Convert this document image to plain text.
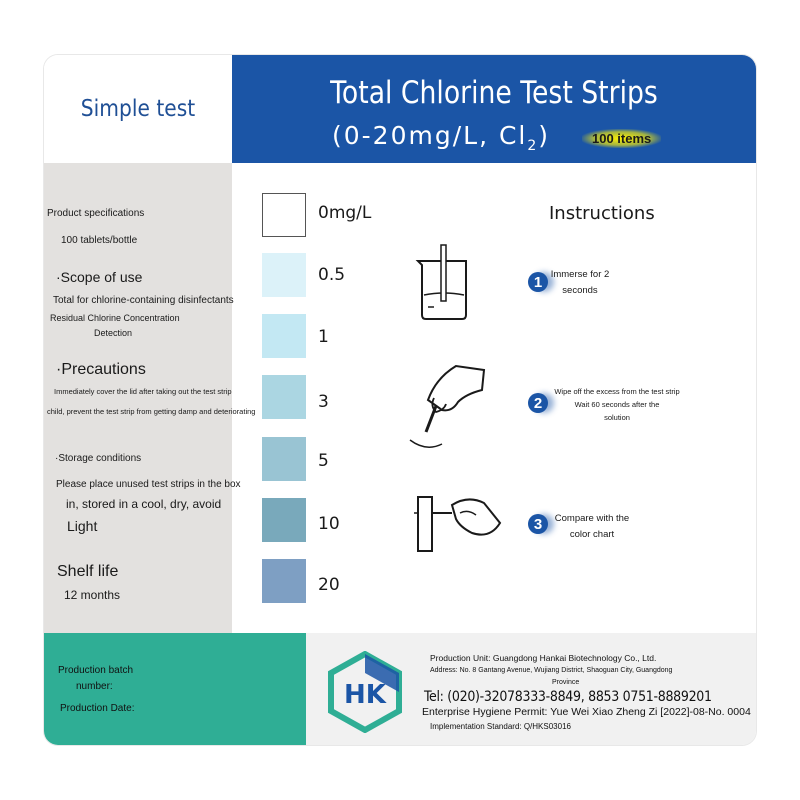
Simple test	Total Chlorine Test Strips
(0-20mg/L, $Cl_2$)	100 items
Product specifications
100 tablets/bottle
·Scope of use
Total for chlorine-containing disinfectants
Residual Chlorine Concentration
Detection
·Precautions
Immediately cover the lid after taking out the test strip
child, prevent the test strip from getting damp and deteriorating
·Storage conditions
Please place unused test strips in the box
in, stored in a cool, dry, avoid
Light
Shelf life
12 months
0mg/L
0.5
1
3
5
10
20
Instructions
1 Immerse for 2
seconds
2
Wipe off the excess from the test strip
Wait 60 seconds after the
solution
3	Compare with the
color chart
Production batch
number:
Production Date:	HK
Production Unit: Guangdong Hankai Biotechnology Co., Ltd.
Address: No. 8 Gantang Avenue, Wujiang District, Shaoguan City, Guangdong
Province
Tel: (020)-32078333-8849, 8853 0751-8889201
Enterprise Hygiene Permit: Yue Wei Xiao Zheng Zi [2022]-08-No. 0004
Implementation Standard: Q/HKS03016
